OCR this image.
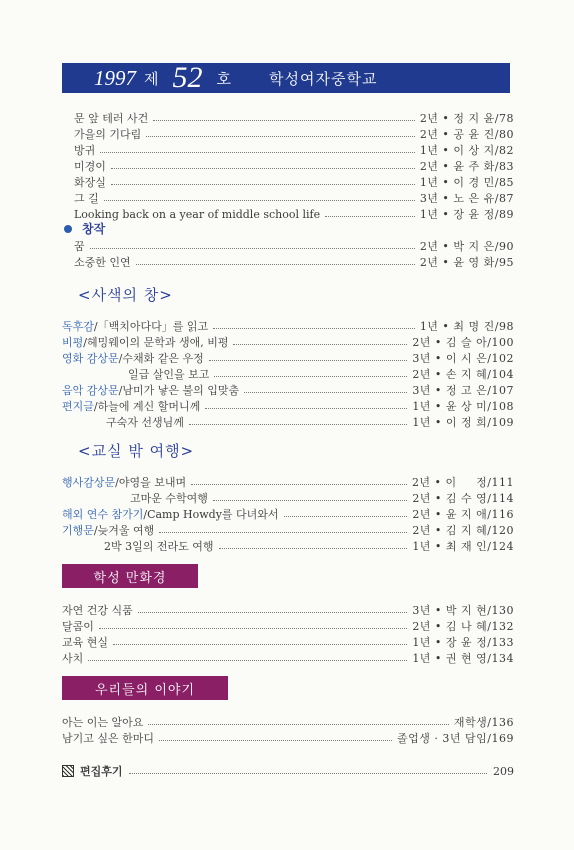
1997 제 52 호	학성여자중학교
문 앞 테러 사건	2년 • 정 지 윤/78
가을의 기다림	2년 • 공 윤 진/80
방귀	1년 • 이 상 지/82
미경이	2년 • 윤 주 화/83
화장실	1년 • 이 경 민/85
그 길	3년 • 노 은 유/87
Looking back on a year of middle school life	1년 • 장 윤 정/89
창작
꿈	2년 • 박 지 은/90
소중한 인연	2년 • 윤 영 화/95
<사색의 창>
독후감/「백치아다다」를 읽고	1년 • 최 명 진/98
비평/헤밍웨이의 문학과 생애, 비평	2년 • 김 슬 아/100
영화 감상문/수채화 같은 우정	3년 • 이 시 은/102
일급 살인을 보고	2년 • 손 지 혜/104
음악 감상문/남미가 낳은 불의 입맞춤	3년 • 정 고 은/107
편지글/하늘에 계신 할머니께	1년 • 윤 상 미/108
구숙자 선생님께	1년 • 이 정 희/109
<교실 밖 여행>
행사감상문/야영을 보내며	2년 • 이 　 정/111
고마운 수학여행	2년 • 김 수 영/114
해외 연수 참가기/Camp Howdy를 다녀와서	2년 • 윤 지 애/116
기행문/늦겨울 여행	2년 • 김 지 혜/120
2박 3일의 전라도 여행	1년 • 최 재 인/124
학성 만화경
자연 건강 식품	3년 • 박 지 현/130
달콤이	2년 • 김 나 혜/132
교육 현실	1년 • 장 윤 정/133
사치	1년 • 권 현 영/134
우리들의 이야기
아는 이는 알아요	재학생/136
남기고 싶은 한마디	졸업생 · 3년 담임/169
편집후기	209
